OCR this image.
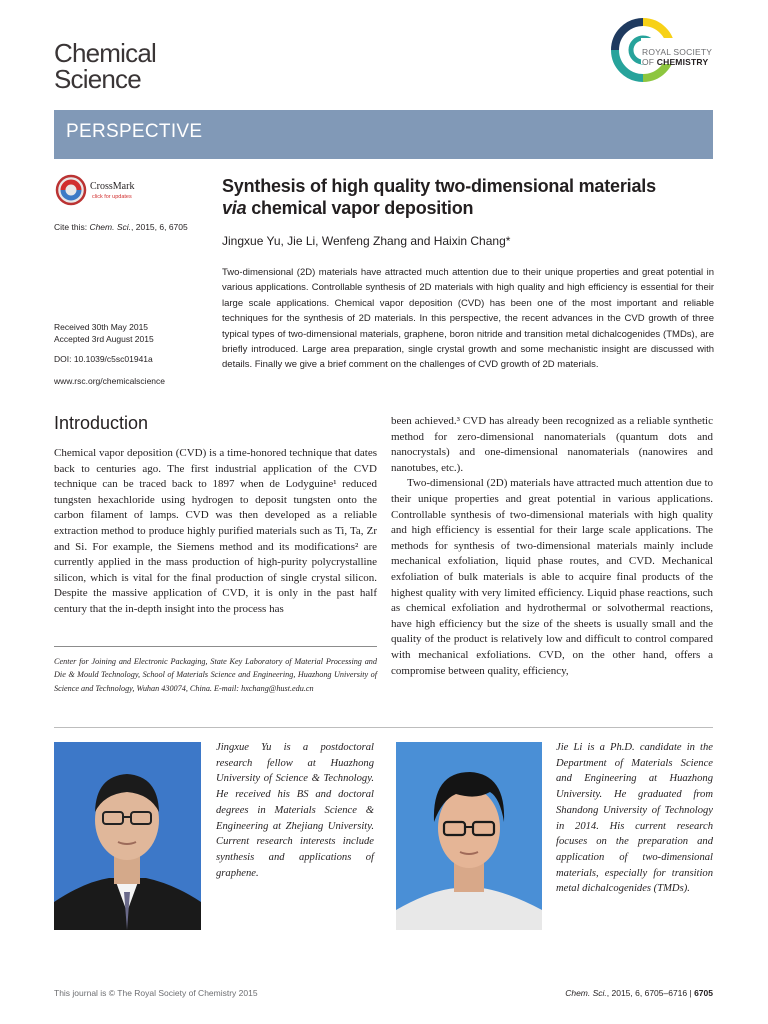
Chemical
Science
ROYAL SOCIETY
OF CHEMISTRY
PERSPECTIVE
CrossMark
click for updates
Cite this: Chem. Sci., 2015, 6, 6705
Received 30th May 2015
Accepted 3rd August 2015
DOI: 10.1039/c5sc01941a
www.rsc.org/chemicalscience
Synthesis of high quality two-dimensional materials
via chemical vapor deposition
Jingxue Yu, Jie Li, Wenfeng Zhang and Haixin Chang*
Two-dimensional (2D) materials have attracted much attention due to their unique properties and great potential in various applications. Controllable synthesis of 2D materials with high quality and high efficiency is essential for their large scale applications. Chemical vapor deposition (CVD) has been one of the most important and reliable techniques for the synthesis of 2D materials. In this perspective, the recent advances in the CVD growth of three typical types of two-dimensional materials, graphene, boron nitride and transition metal dichalcogenides (TMDs), are briefly introduced. Large area preparation, single crystal growth and some mechanistic insight are discussed with details. Finally we give a brief comment on the challenges of CVD growth of 2D materials.
Introduction

Chemical vapor deposition (CVD) is a time-honored technique that dates back to centuries ago. The first industrial application of the CVD technique can be traced back to 1897 when de Lodyguine¹ reduced tungsten hexachloride using hydrogen to deposit tungsten onto the carbon filament of lamps. CVD was then developed as a reliable extraction method to produce highly purified materials such as Ti, Ta, Zr and Si. For example, the Siemens method and its modifications² are currently applied in the mass production of high-purity polycrystalline silicon, which is vital for the final production of single crystal silicon. Despite the massive application of CVD, it is only in the past half century that the in-depth insight into the process has

Center for Joining and Electronic Packaging, State Key Laboratory of Material Processing and Die & Mould Technology, School of Materials Science and Engineering, Huazhong University of Science and Technology, Wuhan 430074, China. E-mail: hxchang@hust.edu.cn

been achieved.³ CVD has already been recognized as a reliable synthetic method for zero-dimensional nanomaterials (quantum dots and nanocrystals) and one-dimensional nanomaterials (nanowires and nanotubes, etc.).

Two-dimensional (2D) materials have attracted much attention due to their unique properties and great potential in various applications. Controllable synthesis of two-dimensional materials with high quality and high efficiency is essential for their large scale applications. The methods for synthesis of two-dimensional materials mainly include mechanical exfoliation, liquid phase routes, and CVD. Mechanical exfoliation of bulk materials is able to acquire final products of the highest quality with very limited efficiency. Liquid phase reactions, such as chemical exfoliation and hydrothermal or solvothermal reactions, have high efficiency but the size of the sheets is usually small and the quality of the product is relatively low and difficult to control compared with mechanical exfoliations. CVD, on the other hand, offers a compromise between quality, efficiency,

Jingxue Yu is a postdoctoral research fellow at Huazhong University of Science & Technology. He received his BS and doctoral degrees in Materials Science & Engineering at Zhejiang University. Current research interests include synthesis and applications of graphene.
Jie Li is a Ph.D. candidate in the Department of Materials Science and Engineering at Huazhong University. He graduated from Shandong University of Technology in 2014. His current research focuses on the preparation and application of two-dimensional materials, especially for transition metal dichalcogenides (TMDs).
This journal is © The Royal Society of Chemistry 2015	Chem. Sci., 2015, 6, 6705–6716 | 6705
